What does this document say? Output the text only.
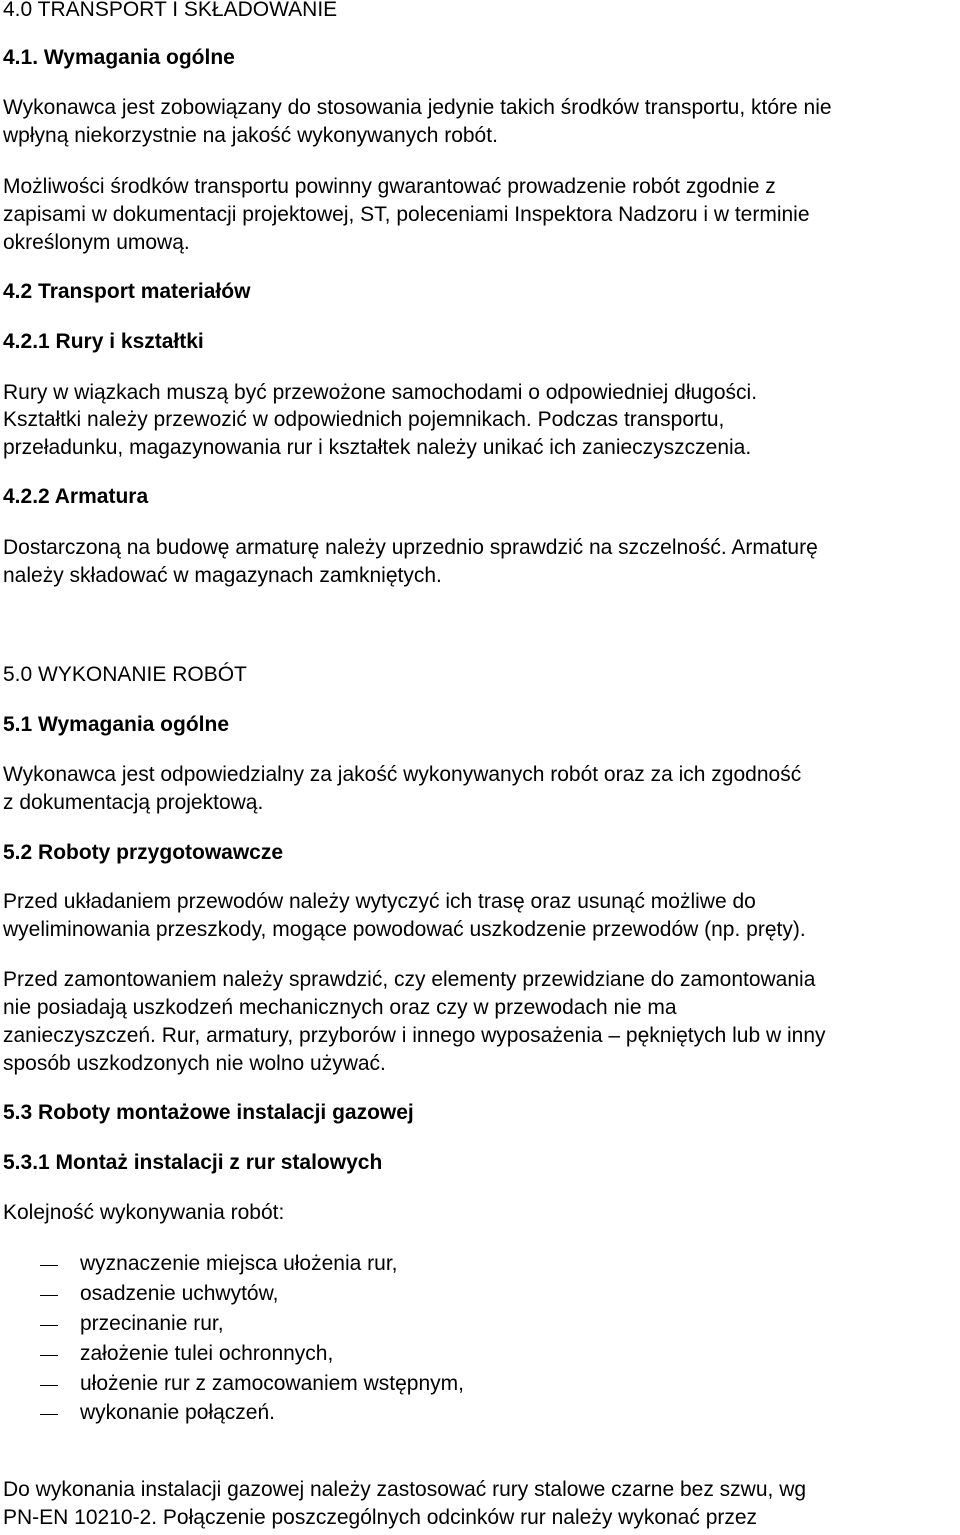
4.0 TRANSPORT I SKŁADOWANIE
4.1. Wymagania ogólne
Wykonawca jest zobowiązany do stosowania jedynie takich środków transportu, które nie
wpłyną niekorzystnie na jakość wykonywanych robót.
Możliwości środków transportu powinny gwarantować prowadzenie robót zgodnie z
zapisami w dokumentacji projektowej, ST, poleceniami Inspektora Nadzoru i w terminie
określonym umową.
4.2 Transport materiałów
4.2.1 Rury i kształtki
Rury w wiązkach muszą być przewożone samochodami o odpowiedniej długości.
Kształtki należy przewozić w odpowiednich pojemnikach. Podczas transportu,
przeładunku, magazynowania rur i kształtek należy unikać ich zanieczyszczenia.
4.2.2 Armatura
Dostarczoną na budowę armaturę należy uprzednio sprawdzić na szczelność. Armaturę
należy składować w magazynach zamkniętych.
5.0 WYKONANIE ROBÓT
5.1 Wymagania ogólne
Wykonawca jest odpowiedzialny za jakość wykonywanych robót oraz za ich zgodność
z dokumentacją projektową.
5.2 Roboty przygotowawcze
Przed układaniem przewodów należy wytyczyć ich trasę oraz usunąć możliwe do
wyeliminowania przeszkody, mogące powodować uszkodzenie przewodów (np. pręty).
Przed zamontowaniem należy sprawdzić, czy elementy przewidziane do zamontowania
nie posiadają uszkodzeń mechanicznych oraz czy w przewodach nie ma
zanieczyszczeń. Rur, armatury, przyborów i innego wyposażenia – pękniętych lub w inny
sposób uszkodzonych nie wolno używać.
5.3 Roboty montażowe instalacji gazowej
5.3.1 Montaż instalacji z rur stalowych
Kolejność wykonywania robót:
wyznaczenie miejsca ułożenia rur,
osadzenie uchwytów,
przecinanie rur,
założenie tulei ochronnych,
ułożenie rur z zamocowaniem wstępnym,
wykonanie połączeń.
Do wykonania instalacji gazowej należy zastosować rury stalowe czarne bez szwu, wg
PN-EN 10210-2. Połączenie poszczególnych odcinków rur należy wykonać przez
